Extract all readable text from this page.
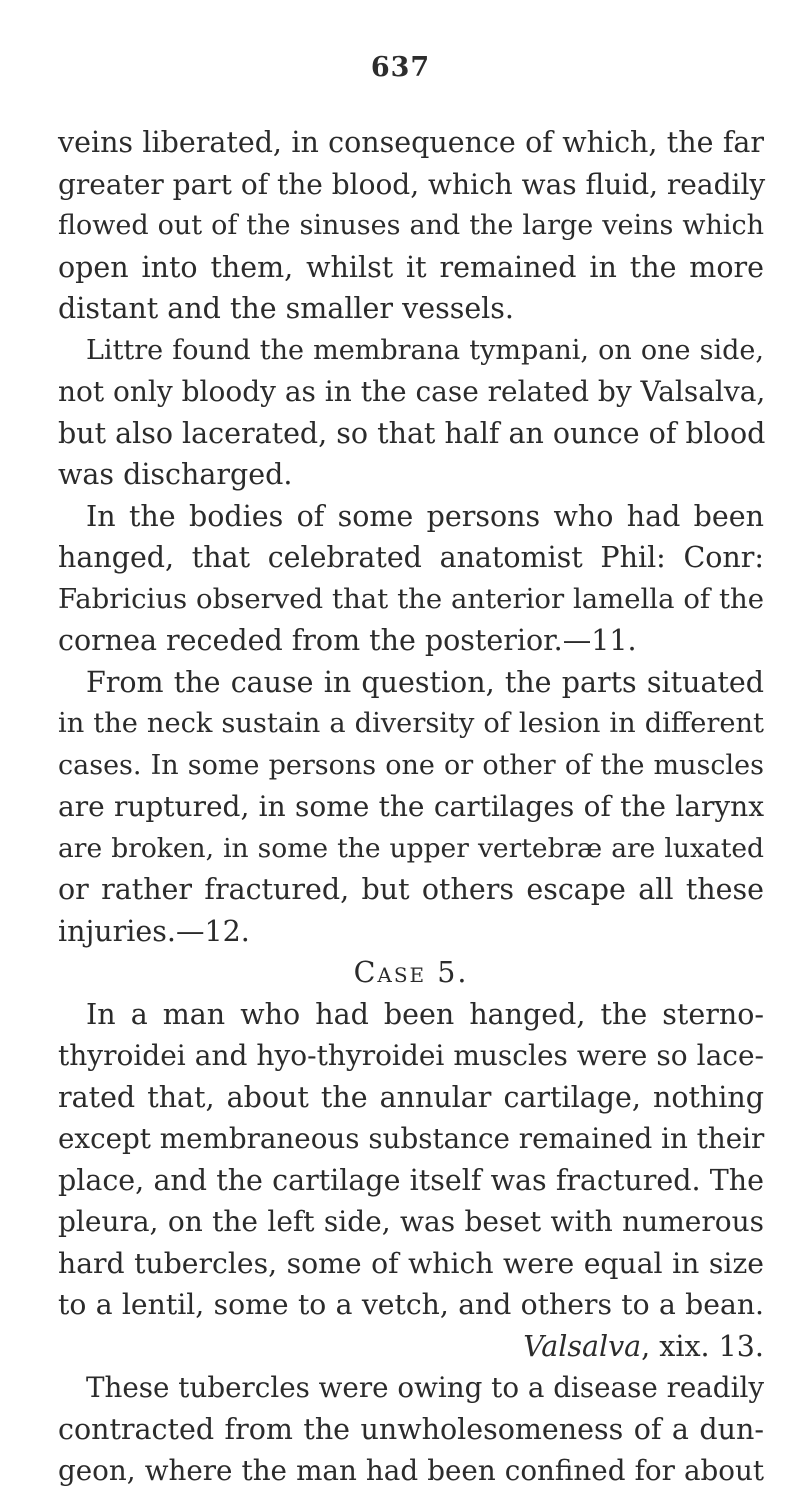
637
veins liberated, in consequence of which, the far
greater part of the blood, which was fluid, readily
flowed out of the sinuses and the large veins which
open into them, whilst it remained in the more
distant and the smaller vessels.
Littre found the membrana tympani, on one side,
not only bloody as in the case related by Valsalva,
but also lacerated, so that half an ounce of blood
was discharged.
In the bodies of some persons who had been
hanged, that celebrated anatomist Phil: Conr:
Fabricius observed that the anterior lamella of the
cornea receded from the posterior.—11.
From the cause in question, the parts situated
in the neck sustain a diversity of lesion in different
cases. In some persons one or other of the muscles
are ruptured, in some the cartilages of the larynx
are broken, in some the upper vertebræ are luxated
or rather fractured, but others escape all these
injuries.—12.
Case 5.
In a man who had been hanged, the sterno-
thyroidei and hyo-thyroidei muscles were so lace-
rated that, about the annular cartilage, nothing
except membraneous substance remained in their
place, and the cartilage itself was fractured. The
pleura, on the left side, was beset with numerous
hard tubercles, some of which were equal in size
to a lentil, some to a vetch, and others to a bean.
Valsalva, xix. 13.
These tubercles were owing to a disease readily
contracted from the unwholesomeness of a dun-
geon, where the man had been confined for about
